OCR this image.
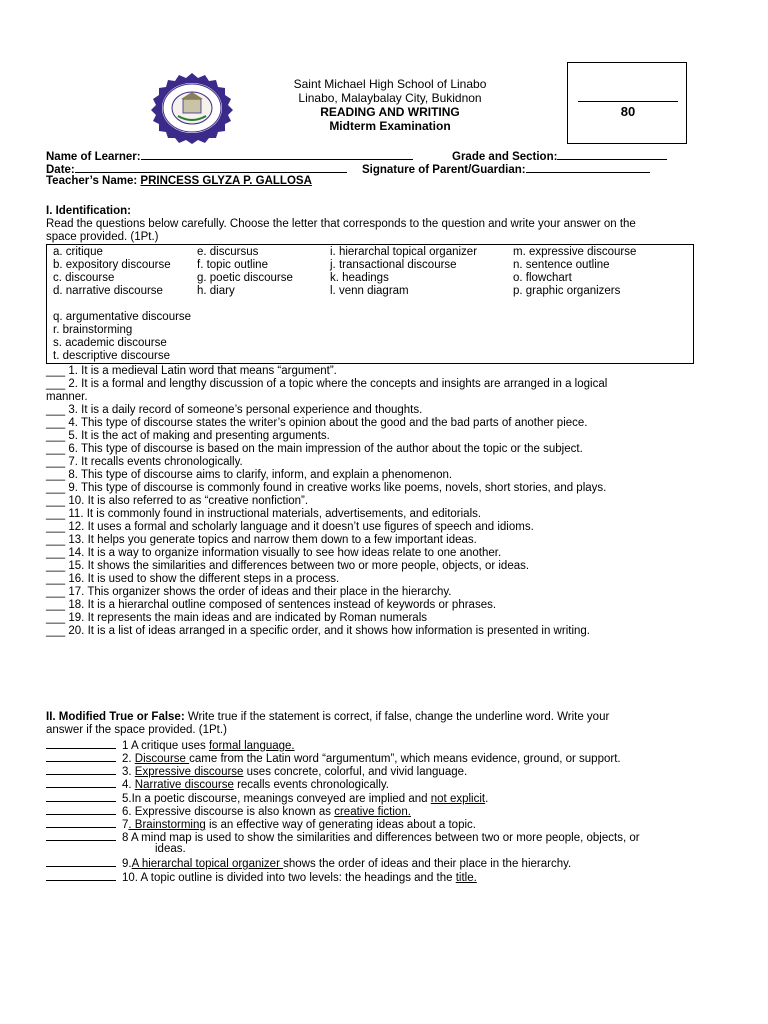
Saint Michael High School of Linabo
Linabo, Malaybalay City, Bukidnon
READING AND WRITING
Midterm Examination
80
Name of Learner:	Grade and Section:
Date:	Signature of Parent/Guardian:
Teacher’s Name: PRINCESS GLYZA P. GALLOSA
I. Identification:
Read the questions below carefully. Choose the letter that corresponds to the question and write your answer on the
space provided. (1Pt.)
a. critique	e. discursus	i. hierarchal topical organizer	m. expressive discourse
b. expository discourse f. topic outline	j. transactional discourse	n. sentence outline
c. discourse	g. poetic discourse	k. headings	o. flowchart
d. narrative discourse	h. diary	l. venn diagram	p. graphic organizers
q. argumentative discourse
r. brainstorming
s. academic discourse
t. descriptive discourse
___ 1. It is a medieval Latin word that means “argument”.
___ 2. It is a formal and lengthy discussion of a topic where the concepts and insights are arranged in a logical
manner.
___ 3. It is a daily record of someone’s personal experience and thoughts.
___ 4. This type of discourse states the writer’s opinion about the good and the bad parts of another piece.
___ 5. It is the act of making and presenting arguments.
___ 6. This type of discourse is based on the main impression of the author about the topic or the subject.
___ 7. It recalls events chronologically.
___ 8. This type of discourse aims to clarify, inform, and explain a phenomenon.
___ 9. This type of discourse is commonly found in creative works like poems, novels, short stories, and plays.
___ 10. It is also referred to as “creative nonfiction”.
___ 11. It is commonly found in instructional materials, advertisements, and editorials.
___ 12. It uses a formal and scholarly language and it doesn’t use figures of speech and idioms.
___ 13. It helps you generate topics and narrow them down to a few important ideas.
___ 14. It is a way to organize information visually to see how ideas relate to one another.
___ 15. It shows the similarities and differences between two or more people, objects, or ideas.
___ 16. It is used to show the different steps in a process.
___ 17. This organizer shows the order of ideas and their place in the hierarchy.
___ 18. It is a hierarchal outline composed of sentences instead of keywords or phrases.
___ 19. It represents the main ideas and are indicated by Roman numerals
___ 20. It is a list of ideas arranged in a specific order, and it shows how information is presented in writing.
II. Modified True or False: Write true if the statement is correct, if false, change the underline word. Write your
answer if the space provided. (1Pt.)
1 A critique uses formal language.
2. Discourse came from the Latin word “argumentum”, which means evidence, ground, or support.
3. Expressive discourse uses concrete, colorful, and vivid language.
4. Narrative discourse recalls events chronologically.
5.In a poetic discourse, meanings conveyed are implied and not explicit.
6. Expressive discourse is also known as creative fiction.
7. Brainstorming is an effective way of generating ideas about a topic.
8 A mind map is used to show the similarities and differences between two or more people, objects, or
ideas.
9.A hierarchal topical organizer shows the order of ideas and their place in the hierarchy.
10. A topic outline is divided into two levels: the headings and the title.
